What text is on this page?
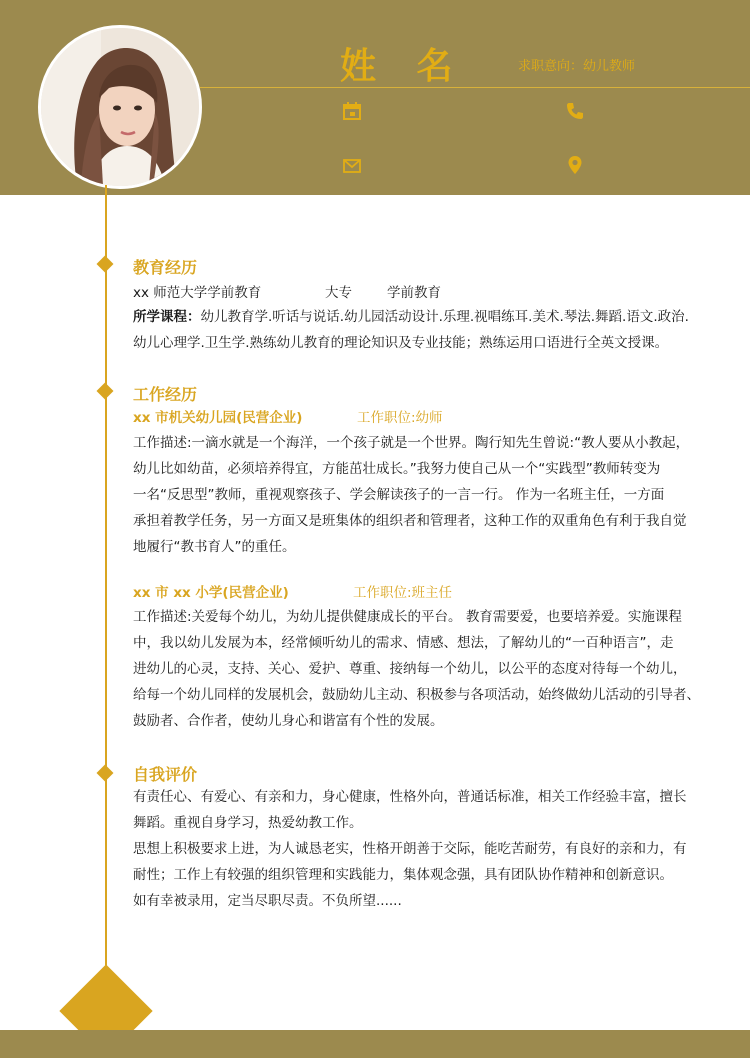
姓 名	求职意向：幼儿教师
教育经历
xx 师范大学学前教育	大专	学前教育
所学课程：幼儿教育学.听话与说话.幼儿园活动设计.乐理.视唱练耳.美术.琴法.舞蹈.语文.政治.
幼儿心理学.卫生学.熟练幼儿教育的理论知识及专业技能；熟练运用口语进行全英文授课。
工作经历
xx 市机关幼儿园(民营企业)	工作职位:幼师
工作描述:一滴水就是一个海洋，一个孩子就是一个世界。陶行知先生曾说:“教人要从小教起，
幼儿比如幼苗，必须培养得宜，方能茁壮成长。”我努力使自己从一个“实践型”教师转变为
一名“反思型”教师，重视观察孩子、学会解读孩子的一言一行。 作为一名班主任，一方面
承担着教学任务，另一方面又是班集体的组织者和管理者，这种工作的双重角色有利于我自觉
地履行“教书育人”的重任。
xx 市 xx 小学(民营企业)	工作职位:班主任
工作描述:关爱每个幼儿，为幼儿提供健康成长的平台。 教育需要爱，也要培养爱。实施课程
中，我以幼儿发展为本，经常倾听幼儿的需求、情感、想法，了解幼儿的“一百种语言”，走
进幼儿的心灵，支持、关心、爱护、尊重、接纳每一个幼儿，以公平的态度对待每一个幼儿，
给每一个幼儿同样的发展机会，鼓励幼儿主动、积极参与各项活动，始终做幼儿活动的引导者、
鼓励者、合作者，使幼儿身心和谐富有个性的发展。
自我评价
有责任心、有爱心、有亲和力，身心健康，性格外向，普通话标准，相关工作经验丰富，擅长
舞蹈。重视自身学习，热爱幼教工作。
思想上积极要求上进，为人诚恳老实，性格开朗善于交际，能吃苦耐劳，有良好的亲和力，有
耐性；工作上有较强的组织管理和实践能力，集体观念强，具有团队协作精神和创新意识。
如有幸被录用，定当尽职尽责。不负所望......
